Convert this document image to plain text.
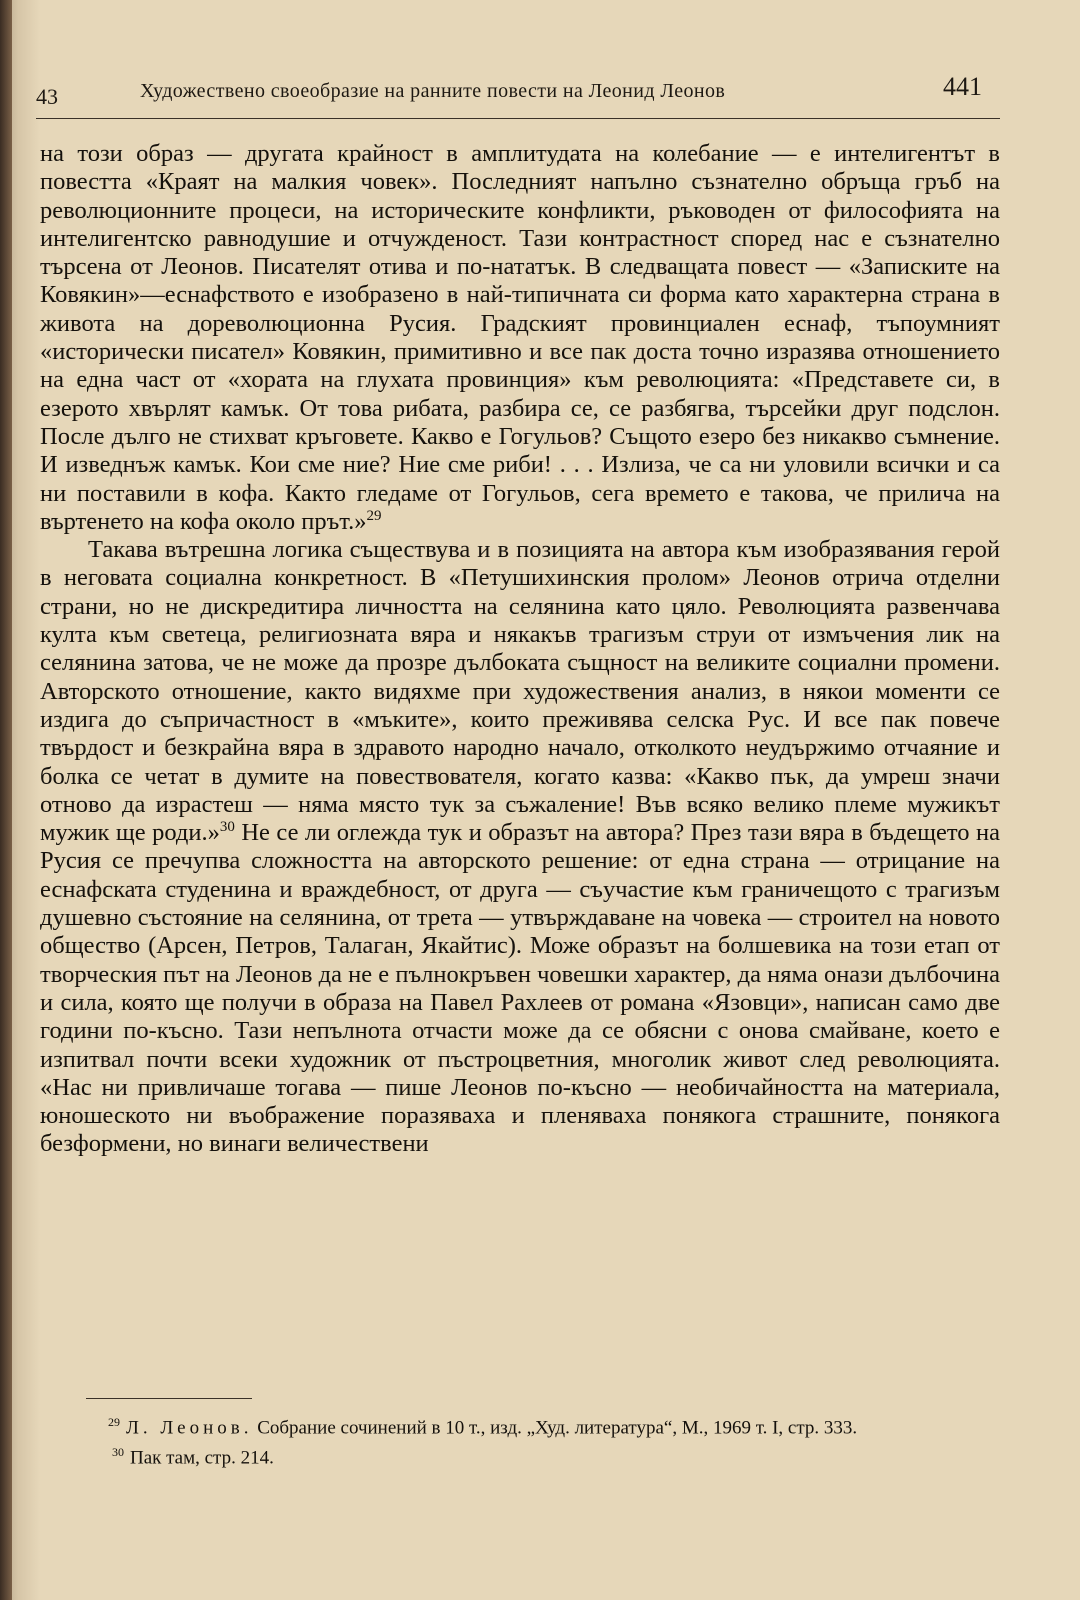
43	Художествено своеобразие на ранните повести на Леонид Леонов	441

на този образ — другата крайност в амплитудата на колебание — е интелигентът в повестта «Краят на малкия човек». Последният напълно съзнателно обръща гръб на революционните процеси, на историческите конфликти, ръководен от философията на интелигентско равнодушие и отчужденост. Тази контрастност според нас е съзнателно търсена от Леонов. Писателят отива и по-нататък. В следващата повест — «Записките на Ковякин»—еснафството е изобразено в най-типичната си форма като характерна страна в живота на дореволюционна Русия. Градският провинциален еснаф, тъпоумният «исторически писател» Ковякин, примитивно и все пак доста точно изразява отношението на една част от «хората на глухата провинция» към революцията: «Представете си, в езерото хвърлят камък. От това рибата, разбира се, се разбягва, търсейки друг подслон. После дълго не стихват кръговете. Какво е Гогульов? Същото езеро без никакво съмнение. И изведнъж камък. Кои сме ние? Ние сме риби! . . . Излиза, че са ни уловили всички и са ни поставили в кофа. Както гледаме от Гогульов, сега времето е такова, че прилича на въртенето на кофа около прът.»$^{29}$

Такава вътрешна логика съществува и в позицията на автора към изобразявания герой в неговата социална конкретност. В «Петушихинския пролом» Леонов отрича отделни страни, но не дискредитира личността на селянина като цяло. Революцията развенчава култа към светеца, религиозната вяра и някакъв трагизъм струи от измъчения лик на селянина затова, че не може да прозре дълбоката същност на великите социални промени. Авторското отношение, както видяхме при художествения анализ, в някои моменти се издига до съпричастност в «мъките», които преживява селска Рус. И все пак повече твърдост и безкрайна вяра в здравото народно начало, отколкото неудържимо отчаяние и болка се четат в думите на повествователя, когато казва: «Какво пък, да умреш значи отново да израстеш — няма място тук за съжаление! Във всяко велико племе мужикът мужик ще роди.»$^{30}$ Не се ли оглежда тук и образът на автора? През тази вяра в бъдещето на Русия се пречупва сложността на авторското решение: от една страна — отрицание на еснафската студенина и враждебност, от друга — съучастие към граничещото с трагизъм душевно състояние на селянина, от трета — утвърждаване на човека — строител на новото общество (Арсен, Петров, Талаган, Якайтис). Може образът на болшевика на този етап от творческия път на Леонов да не е пълнокръвен човешки характер, да няма онази дълбочина и сила, която ще получи в образа на Павел Рахлеев от романа «Язовци», написан само две години по-късно. Тази непълнота отчасти може да се обясни с онова смайване, което е изпитвал почти всеки художник от пъстроцветния, многолик живот след революцията. «Нас ни привличаше тогава — пише Леонов по-късно — необичайността на материала, юношеското ни въображение поразяваха и пленяваха понякога страшните, понякога безформени, но винаги величествени

$^{29}$ Л. Леонов. Собрание сочинений в 10 т., изд. „Худ. литература“, М., 1969 т. I, стр. 333.

$^{30}$ Пак там, стр. 214.
